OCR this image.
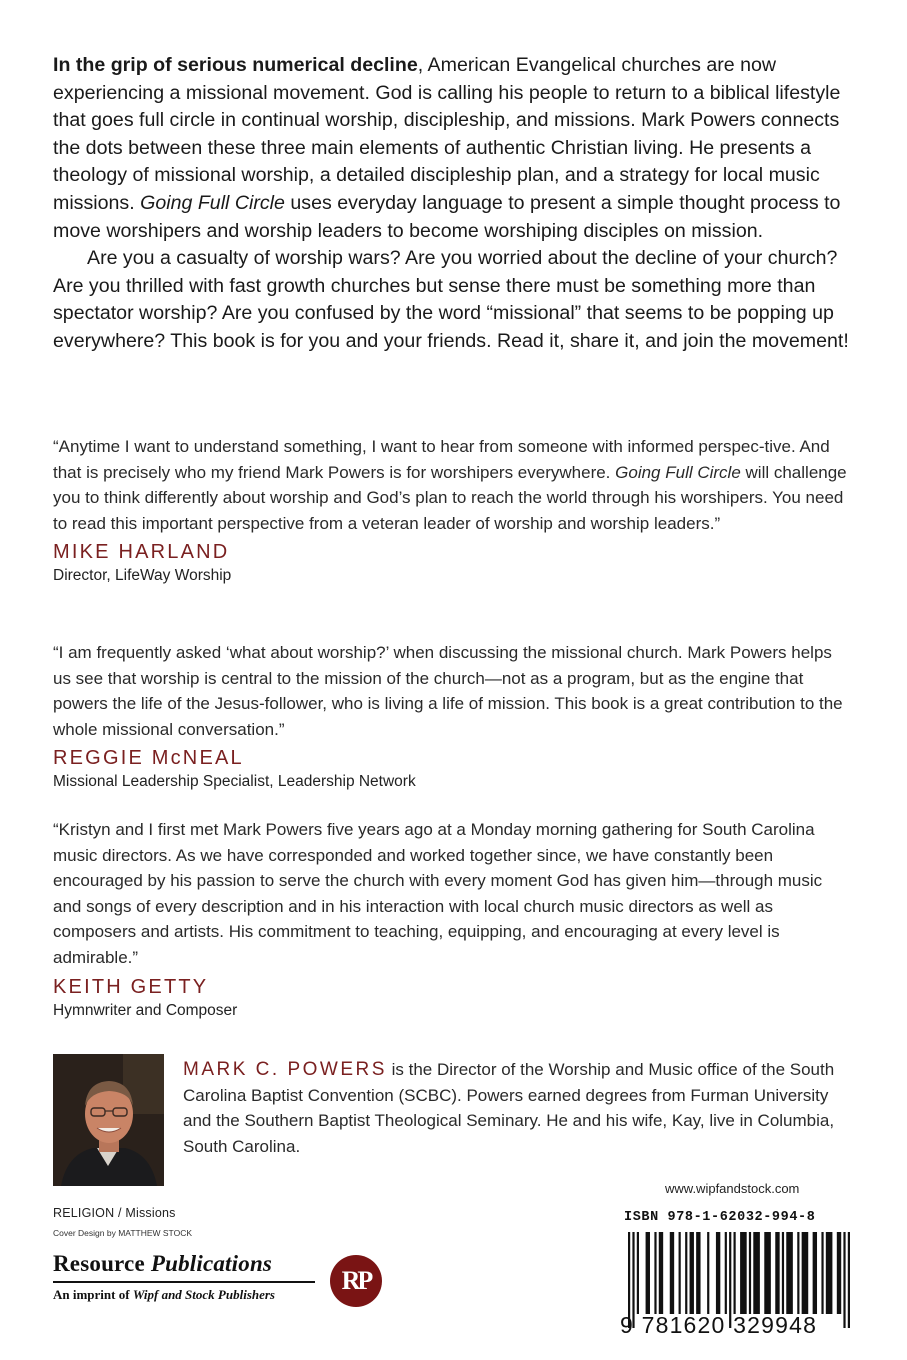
In the grip of serious numerical decline, American Evangelical churches are now experiencing a missional movement. God is calling his people to return to a biblical lifestyle that goes full circle in continual worship, discipleship, and missions. Mark Powers connects the dots between these three main elements of authentic Christian living. He presents a theology of missional worship, a detailed discipleship plan, and a strategy for local music missions. Going Full Circle uses everyday language to present a simple thought process to move worshipers and worship leaders to become worshiping disciples on mission.

Are you a casualty of worship wars? Are you worried about the decline of your church? Are you thrilled with fast growth churches but sense there must be something more than spectator worship? Are you confused by the word “missional” that seems to be popping up everywhere? This book is for you and your friends. Read it, share it, and join the movement!

“Anytime I want to understand something, I want to hear from someone with informed perspec-tive. And that is precisely who my friend Mark Powers is for worshipers everywhere. Going Full Circle will challenge you to think differently about worship and God’s plan to reach the world through his worshipers. You need to read this important perspective from a veteran leader of worship and worship leaders.”

MIKE HARLAND
Director, LifeWay Worship

“I am frequently asked ‘what about worship?’ when discussing the missional church. Mark Powers helps us see that worship is central to the mission of the church—not as a program, but as the engine that powers the life of the Jesus-follower, who is living a life of mission. This book is a great contribution to the whole missional conversation.”

REGGIE McNEAL
Missional Leadership Specialist, Leadership Network

“Kristyn and I first met Mark Powers five years ago at a Monday morning gathering for South Carolina music directors. As we have corresponded and worked together since, we have constantly been encouraged by his passion to serve the church with every moment God has given him—through music and songs of every description and in his interaction with local church music directors as well as composers and artists. His commitment to teaching, equipping, and encouraging at every level is admirable.”

KEITH GETTY
Hymnwriter and Composer
MARK C. POWERS is the Director of the Worship and Music office of the South Carolina Baptist Convention (SCBC). Powers earned degrees from Furman University and the Southern Baptist Theological Seminary. He and his wife, Kay, live in Columbia, South Carolina.
www.wipfandstock.com
RELIGION / Missions
Cover Design by MATTHEW STOCK
Resource Publications
An imprint of Wipf and Stock Publishers	RP
ISBN 978-1-62032-994-8
9 781620 329948
